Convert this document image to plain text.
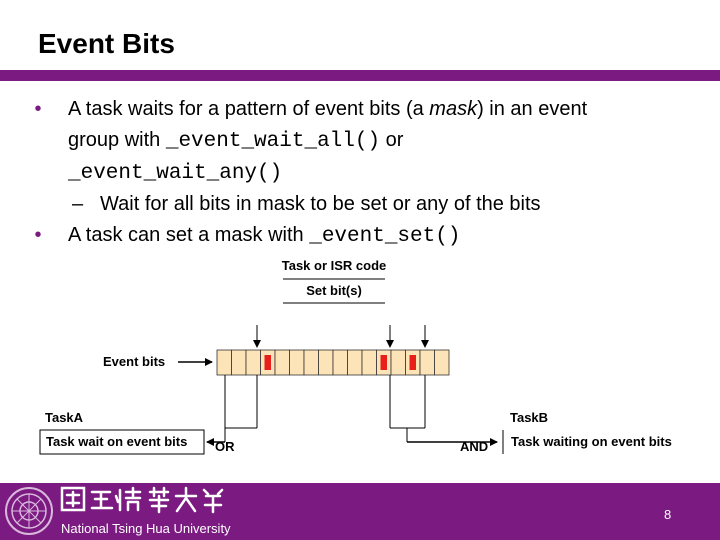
Event Bits
•	A task waits for a pattern of event bits (a mask) in an event
group with _event_wait_all() or
_event_wait_any()
– Wait for all bits in mask to be set or any of the bits
•	A task can set a mask with _event_set()
Task or ISR code
Set bit(s)
Event bits
TaskA
Task wait on event bits OR
TaskB
Task waiting on event bits
AND
National Tsing Hua University
8
